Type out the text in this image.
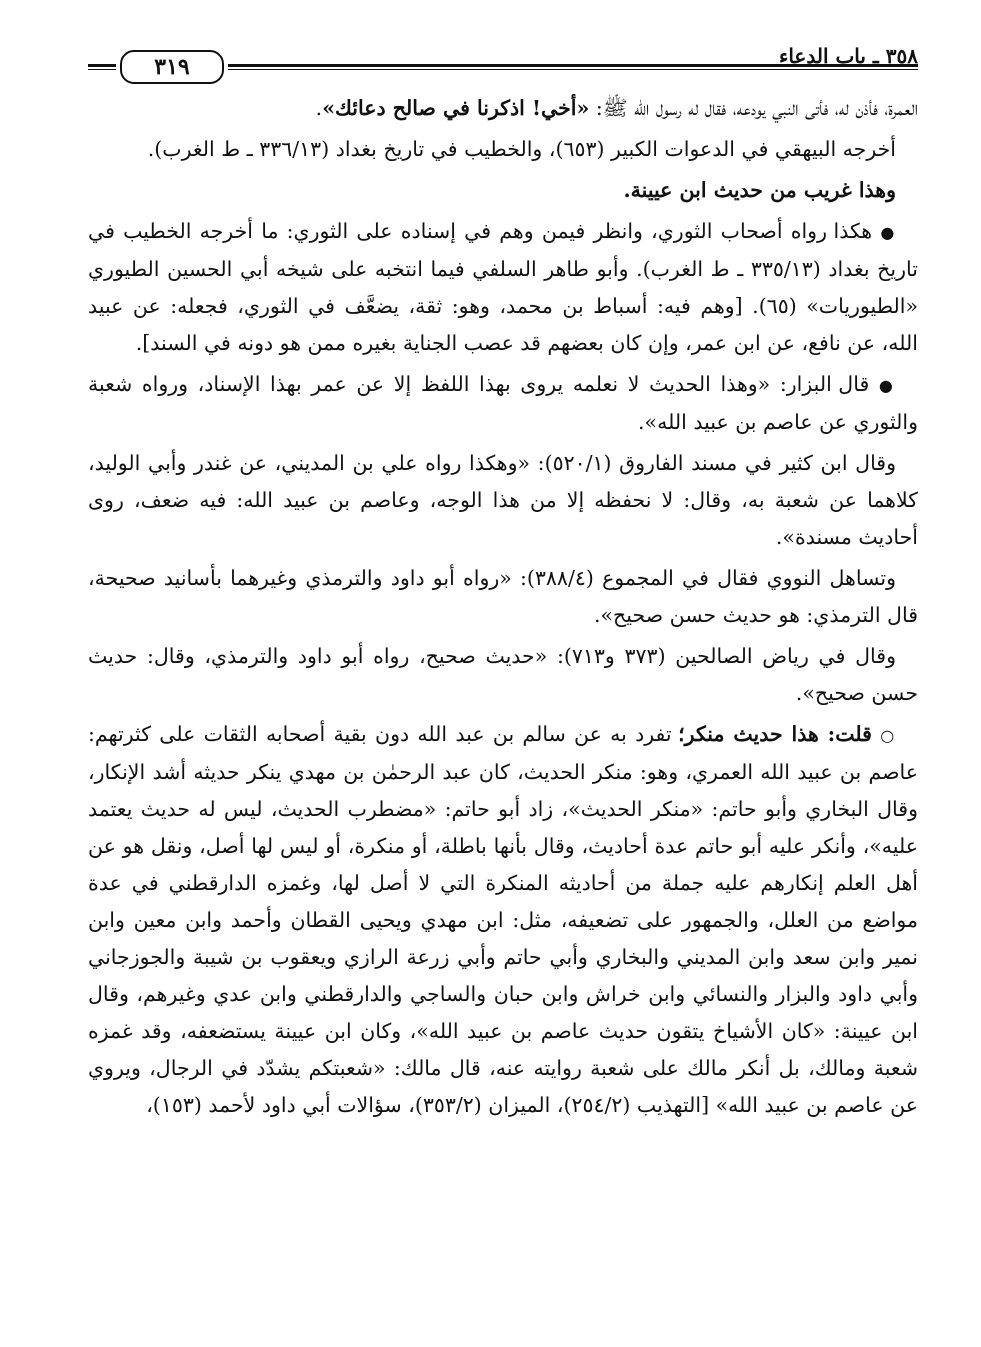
٣٥٨ ـ باب الدعاء
٣١٩

العمرة، فأذن له، فأتى النبي يودعه، فقال له رسول الله ﷺ: «أخي! اذكرنا في صالح دعائك».

أخرجه البيهقي في الدعوات الكبير (٦٥٣)، والخطيب في تاريخ بغداد (٣٣٦/١٣ ـ ط الغرب).

وهذا غريب من حديث ابن عيينة.

● هكذا رواه أصحاب الثوري، وانظر فيمن وهم في إسناده على الثوري: ما أخرجه الخطيب في تاريخ بغداد (٣٣٥/١٣ ـ ط الغرب). وأبو طاهر السلفي فيما انتخبه على شيخه أبي الحسين الطيوري «الطيوريات» (٦٥). [وهم فيه: أسباط بن محمد، وهو: ثقة، يضعَّف في الثوري، فجعله: عن عبيد الله، عن نافع، عن ابن عمر، وإن كان بعضهم قد عصب الجناية بغيره ممن هو دونه في السند].

● قال البزار: «وهذا الحديث لا نعلمه يروى بهذا اللفظ إلا عن عمر بهذا الإسناد، ورواه شعبة والثوري عن عاصم بن عبيد الله».

وقال ابن كثير في مسند الفاروق (٥٢٠/١): «وهكذا رواه علي بن المديني، عن غندر وأبي الوليد، كلاهما عن شعبة به، وقال: لا نحفظه إلا من هذا الوجه، وعاصم بن عبيد الله: فيه ضعف، روى أحاديث مسندة».

وتساهل النووي فقال في المجموع (٣٨٨/٤): «رواه أبو داود والترمذي وغيرهما بأسانيد صحيحة، قال الترمذي: هو حديث حسن صحيح».

وقال في رياض الصالحين (٣٧٣ و٧١٣): «حديث صحيح، رواه أبو داود والترمذي، وقال: حديث حسن صحيح».

○ قلت: هذا حديث منكر؛ تفرد به عن سالم بن عبد الله دون بقية أصحابه الثقات على كثرتهم: عاصم بن عبيد الله العمري، وهو: منكر الحديث، كان عبد الرحمٰن بن مهدي ينكر حديثه أشد الإنكار، وقال البخاري وأبو حاتم: «منكر الحديث»، زاد أبو حاتم: «مضطرب الحديث، ليس له حديث يعتمد عليه»، وأنكر عليه أبو حاتم عدة أحاديث، وقال بأنها باطلة، أو منكرة، أو ليس لها أصل، ونقل هو عن أهل العلم إنكارهم عليه جملة من أحاديثه المنكرة التي لا أصل لها، وغمزه الدارقطني في عدة مواضع من العلل، والجمهور على تضعيفه، مثل: ابن مهدي ويحيى القطان وأحمد وابن معين وابن نمير وابن سعد وابن المديني والبخاري وأبي حاتم وأبي زرعة الرازي ويعقوب بن شيبة والجوزجاني وأبي داود والبزار والنسائي وابن خراش وابن حبان والساجي والدارقطني وابن عدي وغيرهم، وقال ابن عيينة: «كان الأشياخ يتقون حديث عاصم بن عبيد الله»، وكان ابن عيينة يستضعفه، وقد غمزه شعبة ومالك، بل أنكر مالك على شعبة روايته عنه، قال مالك: «شعبتكم يشدّد في الرجال، ويروي عن عاصم بن عبيد الله» [التهذيب (٢٥٤/٢)، الميزان (٣٥٣/٢)، سؤالات أبي داود لأحمد (١٥٣)،
